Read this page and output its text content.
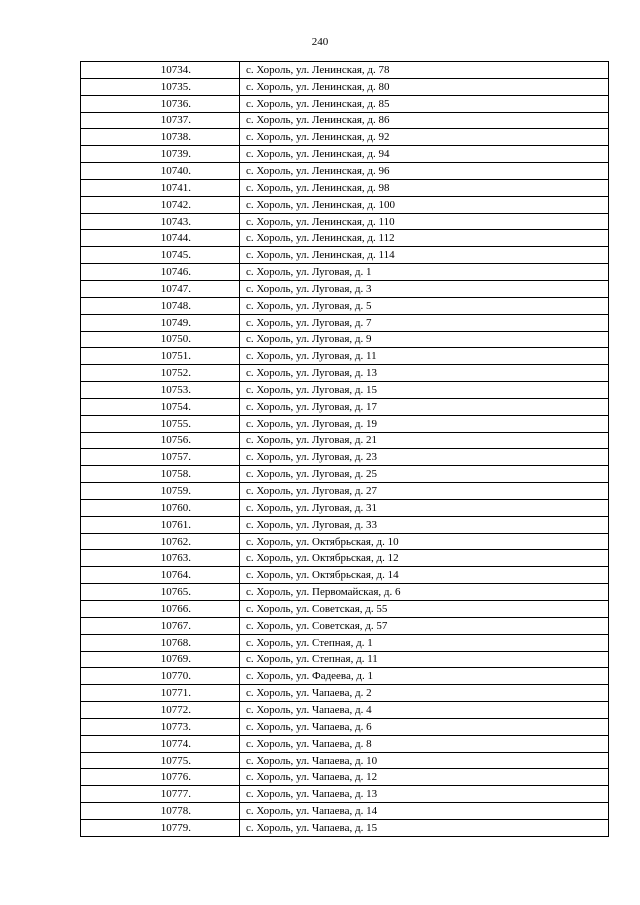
240
10734.	с. Хороль, ул. Ленинская, д. 78
10735.	с. Хороль, ул. Ленинская, д. 80
10736.	с. Хороль, ул. Ленинская, д. 85
10737.	с. Хороль, ул. Ленинская, д. 86
10738.	с. Хороль, ул. Ленинская, д. 92
10739.	с. Хороль, ул. Ленинская, д. 94
10740.	с. Хороль, ул. Ленинская, д. 96
10741.	с. Хороль, ул. Ленинская, д. 98
10742.	с. Хороль, ул. Ленинская, д. 100
10743.	с. Хороль, ул. Ленинская, д. 110
10744.	с. Хороль, ул. Ленинская, д. 112
10745.	с. Хороль, ул. Ленинская, д. 114
10746.	с. Хороль, ул. Луговая, д. 1
10747.	с. Хороль, ул. Луговая, д. 3
10748.	с. Хороль, ул. Луговая, д. 5
10749.	с. Хороль, ул. Луговая, д. 7
10750.	с. Хороль, ул. Луговая, д. 9
10751.	с. Хороль, ул. Луговая, д. 11
10752.	с. Хороль, ул. Луговая, д. 13
10753.	с. Хороль, ул. Луговая, д. 15
10754.	с. Хороль, ул. Луговая, д. 17
10755.	с. Хороль, ул. Луговая, д. 19
10756.	с. Хороль, ул. Луговая, д. 21
10757.	с. Хороль, ул. Луговая, д. 23
10758.	с. Хороль, ул. Луговая, д. 25
10759.	с. Хороль, ул. Луговая, д. 27
10760.	с. Хороль, ул. Луговая, д. 31
10761.	с. Хороль, ул. Луговая, д. 33
10762.	с. Хороль, ул. Октябрьская, д. 10
10763.	с. Хороль, ул. Октябрьская, д. 12
10764.	с. Хороль, ул. Октябрьская, д. 14
10765.	с. Хороль, ул. Первомайская, д. 6
10766.	с. Хороль, ул. Советская, д. 55
10767.	с. Хороль, ул. Советская, д. 57
10768.	с. Хороль, ул. Степная, д. 1
10769.	с. Хороль, ул. Степная, д. 11
10770.	с. Хороль, ул. Фадеева, д. 1
10771.	с. Хороль, ул. Чапаева, д. 2
10772.	с. Хороль, ул. Чапаева, д. 4
10773.	с. Хороль, ул. Чапаева, д. 6
10774.	с. Хороль, ул. Чапаева, д. 8
10775.	с. Хороль, ул. Чапаева, д. 10
10776.	с. Хороль, ул. Чапаева, д. 12
10777.	с. Хороль, ул. Чапаева, д. 13
10778.	с. Хороль, ул. Чапаева, д. 14
10779.	с. Хороль, ул. Чапаева, д. 15
